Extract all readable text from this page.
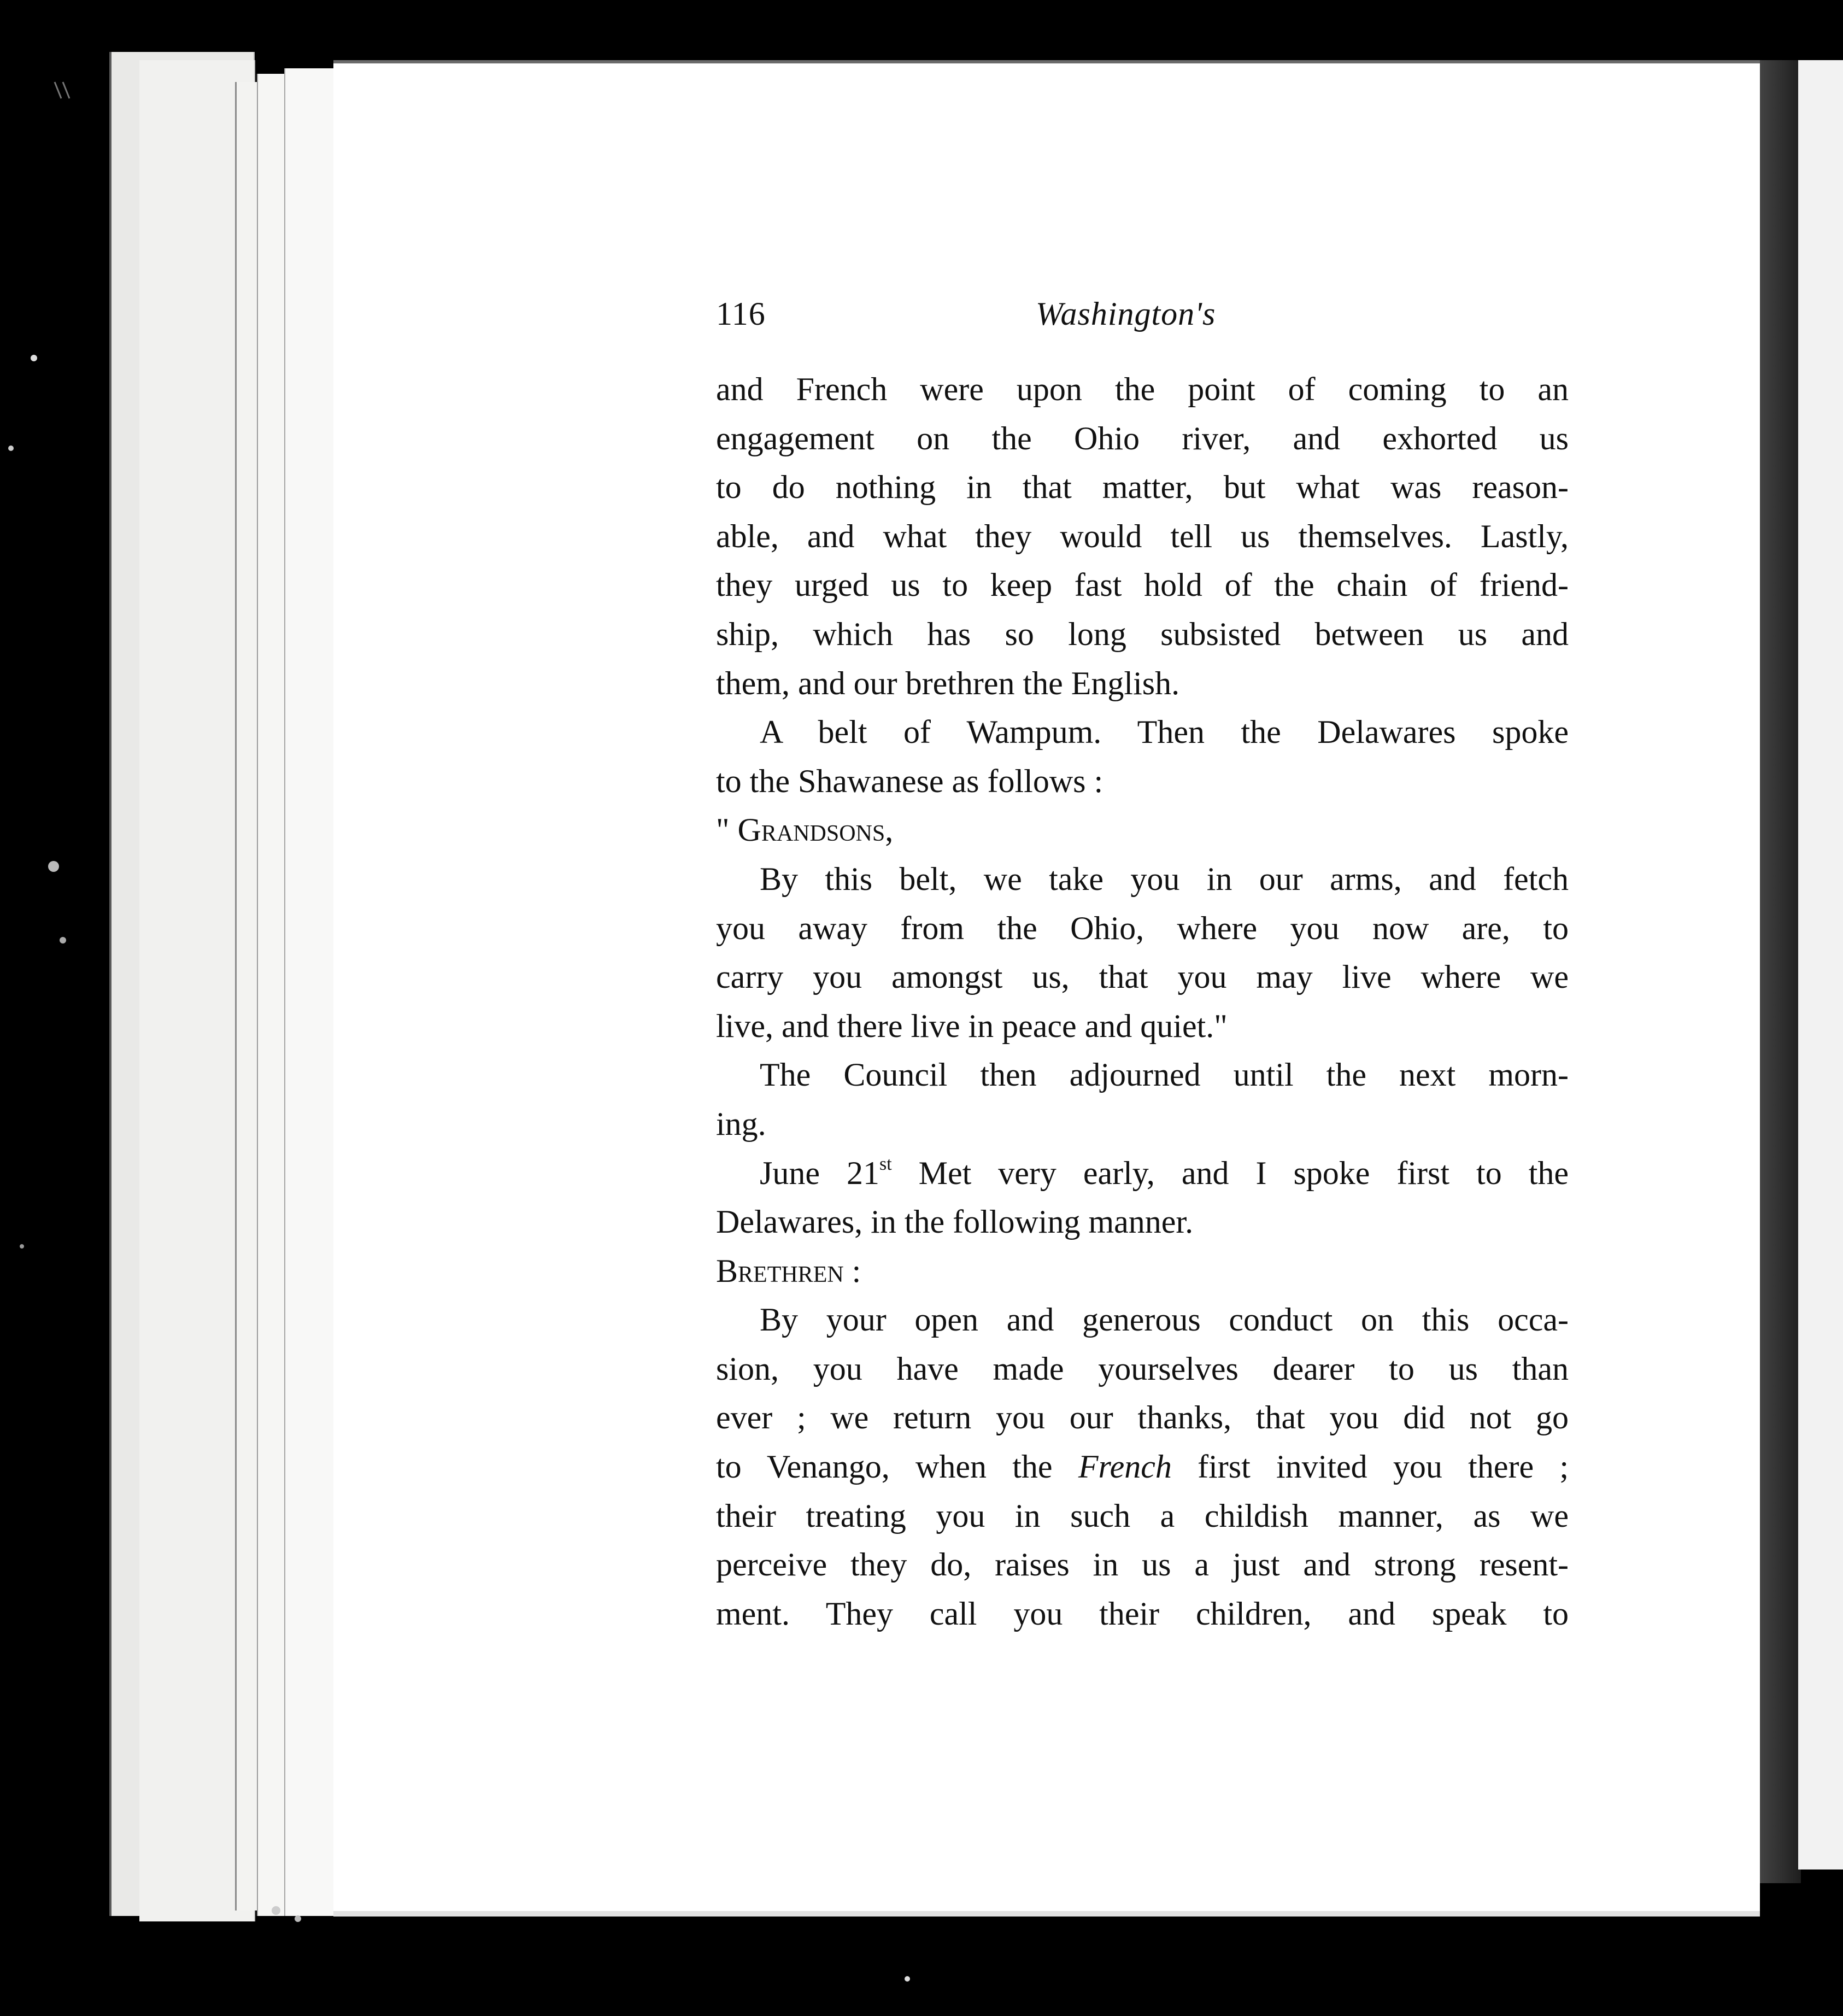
116	Washington's
and French were upon the point of coming to an
engagement on the Ohio river, and exhorted us
to do nothing in that matter, but what was reason-
able, and what they would tell us themselves. Lastly,
they urged us to keep fast hold of the chain of friend-
ship, which has so long subsisted between us and
them, and our brethren the English.
A belt of Wampum. Then the Delawares spoke
to the Shawanese as follows :
" Grandsons,
By this belt, we take you in our arms, and fetch
you away from the Ohio, where you now are, to
carry you amongst us, that you may live where we
live, and there live in peace and quiet."
The Council then adjourned until the next morn-
ing.
June 21st Met very early, and I spoke first to the
Delawares, in the following manner.
Brethren :
By your open and generous conduct on this occa-
sion, you have made yourselves dearer to us than
ever ; we return you our thanks, that you did not go
to Venango, when the French first invited you there ;
their treating you in such a childish manner, as we
perceive they do, raises in us a just and strong resent-
ment. They call you their children, and speak to
